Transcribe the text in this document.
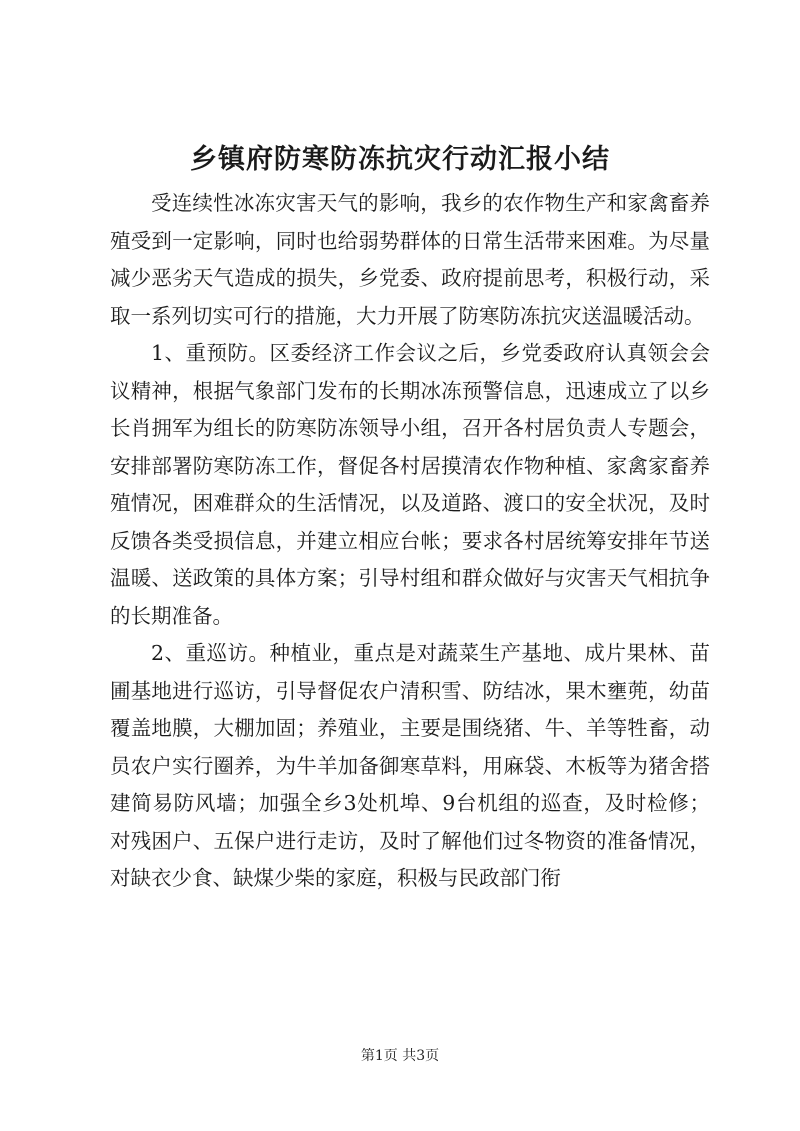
乡镇府防寒防冻抗灾行动汇报小结

受连续性冰冻灾害天气的影响，我乡的农作物生产和家禽畜养殖受到一定影响，同时也给弱势群体的日常生活带来困难。为尽量减少恶劣天气造成的损失，乡党委、政府提前思考，积极行动，采取一系列切实可行的措施，大力开展了防寒防冻抗灾送温暖活动。

1、重预防。区委经济工作会议之后，乡党委政府认真领会会议精神，根据气象部门发布的长期冰冻预警信息，迅速成立了以乡长肖拥军为组长的防寒防冻领导小组，召开各村居负责人专题会，安排部署防寒防冻工作，督促各村居摸清农作物种植、家禽家畜养殖情况，困难群众的生活情况，以及道路、渡口的安全状况，及时反馈各类受损信息，并建立相应台帐；要求各村居统筹安排年节送温暖、送政策的具体方案；引导村组和群众做好与灾害天气相抗争的长期准备。

2、重巡访。种植业，重点是对蔬菜生产基地、成片果林、苗圃基地进行巡访，引导督促农户清积雪、防结冰，果木壅蔸，幼苗覆盖地膜，大棚加固；养殖业，主要是围绕猪、牛、羊等牲畜，动员农户实行圈养，为牛羊加备御寒草料，用麻袋、木板等为猪舍搭建简易防风墙；加强全乡3处机埠、9台机组的巡查，及时检修；对残困户、五保户进行走访，及时了解他们过冬物资的准备情况，对缺衣少食、缺煤少柴的家庭，积极与民政部门衔

第1页 共3页
